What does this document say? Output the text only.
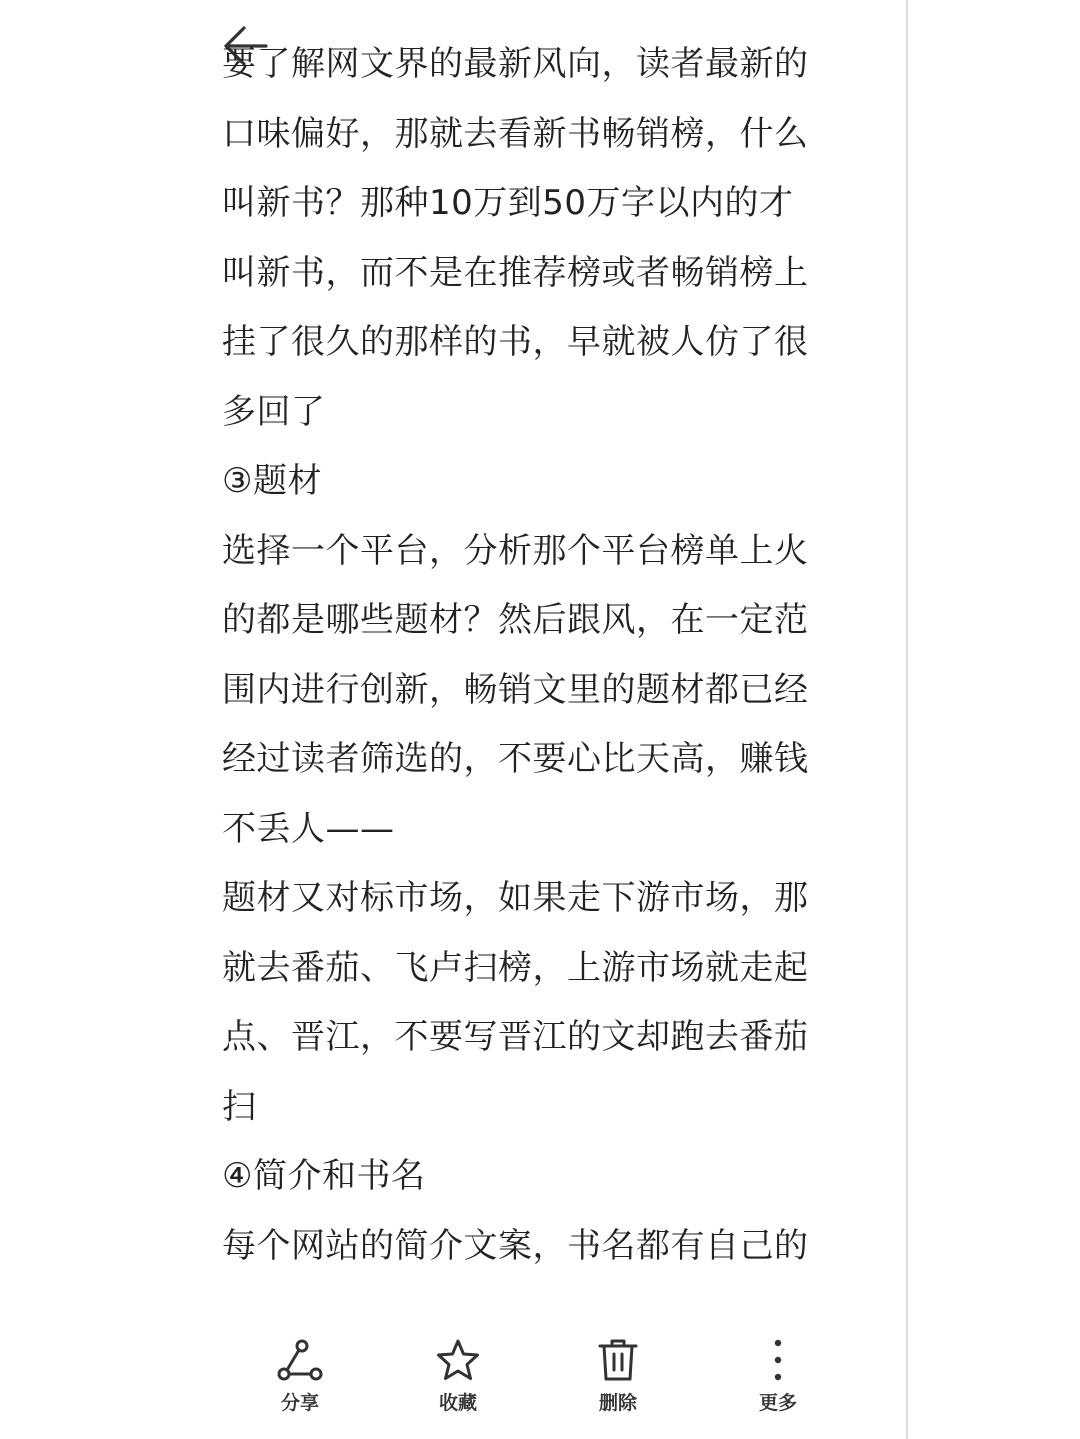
要了解网文界的最新风向，读者最新的
口味偏好，那就去看新书畅销榜，什么
叫新书？那种10万到50万字以内的才
叫新书，而不是在推荐榜或者畅销榜上
挂了很久的那样的书，早就被人仿了很
多回了
③题材
选择一个平台，分析那个平台榜单上火
的都是哪些题材？然后跟风，在一定范
围内进行创新，畅销文里的题材都已经
经过读者筛选的，不要心比天高，赚钱
不丢人——
题材又对标市场，如果走下游市场，那
就去番茄、飞卢扫榜，上游市场就走起
点、晋江，不要写晋江的文却跑去番茄
扫
④简介和书名
每个网站的简介文案，书名都有自己的
分享	收藏	删除	更多
